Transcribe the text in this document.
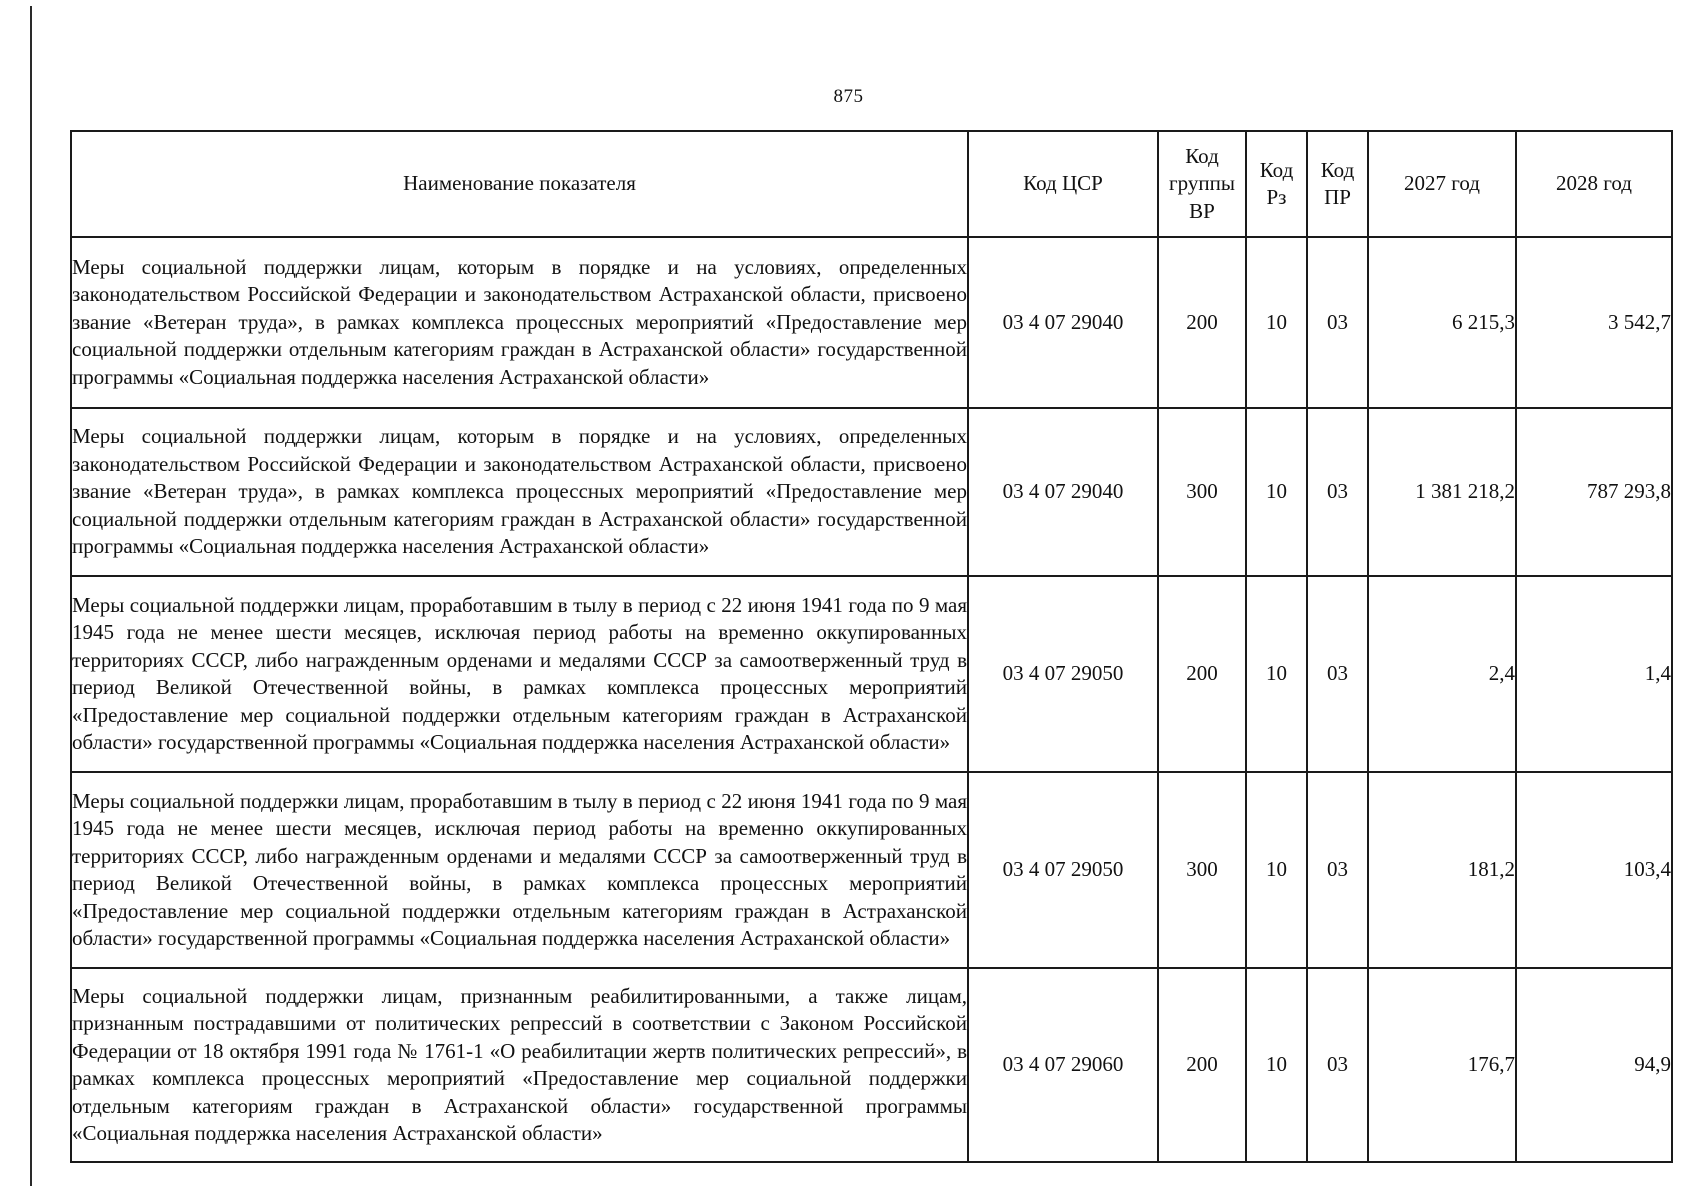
875
Наименование показателя	Код ЦСР	Код группы ВР	Код Рз	Код ПР	2027 год	2028 год
Меры социальной поддержки лицам, которым в порядке и на условиях, определенных законодательством Российской Федерации и законодательством Астраханской области, присвоено звание «Ветеран труда», в рамках комплекса процессных мероприятий «Предоставление мер социальной поддержки отдельным категориям граждан в Астраханской области» государственной программы «Социальная поддержка населения Астраханской области»	03 4 07 29040	200	10	03	6 215,3	3 542,7
Меры социальной поддержки лицам, которым в порядке и на условиях, определенных законодательством Российской Федерации и законодательством Астраханской области, присвоено звание «Ветеран труда», в рамках комплекса процессных мероприятий «Предоставление мер социальной поддержки отдельным категориям граждан в Астраханской области» государственной программы «Социальная поддержка населения Астраханской области»	03 4 07 29040	300	10	03	1 381 218,2	787 293,8
Меры социальной поддержки лицам, проработавшим в тылу в период с 22 июня 1941 года по 9 мая 1945 года не менее шести месяцев, исключая период работы на временно оккупированных территориях СССР, либо награжденным орденами и медалями СССР за самоотверженный труд в период Великой Отечественной войны, в рамках комплекса процессных мероприятий «Предоставление мер социальной поддержки отдельным категориям граждан в Астраханской области» государственной программы «Социальная поддержка населения Астраханской области»	03 4 07 29050	200	10	03	2,4	1,4
Меры социальной поддержки лицам, проработавшим в тылу в период с 22 июня 1941 года по 9 мая 1945 года не менее шести месяцев, исключая период работы на временно оккупированных территориях СССР, либо награжденным орденами и медалями СССР за самоотверженный труд в период Великой Отечественной войны, в рамках комплекса процессных мероприятий «Предоставление мер социальной поддержки отдельным категориям граждан в Астраханской области» государственной программы «Социальная поддержка населения Астраханской области»	03 4 07 29050	300	10	03	181,2	103,4
Меры социальной поддержки лицам, признанным реабилитированными, а также лицам, признанным пострадавшими от политических репрессий в соответствии с Законом Российской Федерации от 18 октября 1991 года № 1761-1 «О реабилитации жертв политических репрессий», в рамках комплекса процессных мероприятий «Предоставление мер социальной поддержки отдельным категориям граждан в Астраханской области» государственной программы «Социальная поддержка населения Астраханской области»	03 4 07 29060	200	10	03	176,7	94,9
